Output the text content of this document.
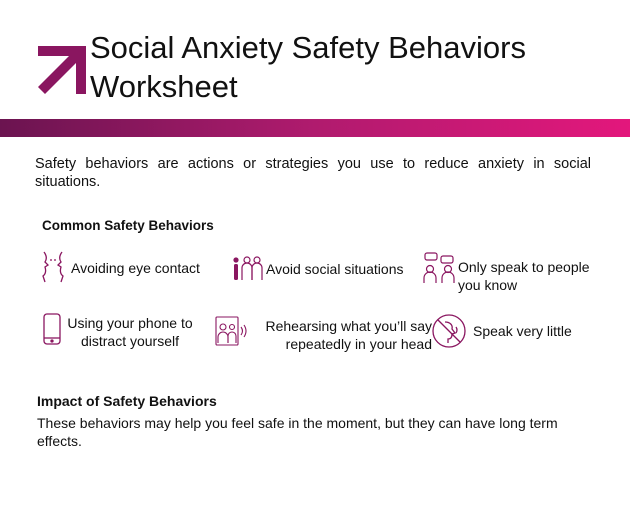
Social Anxiety Safety Behaviors Worksheet
Safety behaviors are actions or strategies you use to reduce anxiety in social situations.
Common Safety Behaviors
Avoiding eye contact	Avoid social situations	Only speak to people you know
Using your phone to distract yourself
Rehearsing what you’ll say repeatedly in your head
Speak very little
Impact of Safety Behaviors
These behaviors may help you feel safe in the moment, but they can have long term effects.
